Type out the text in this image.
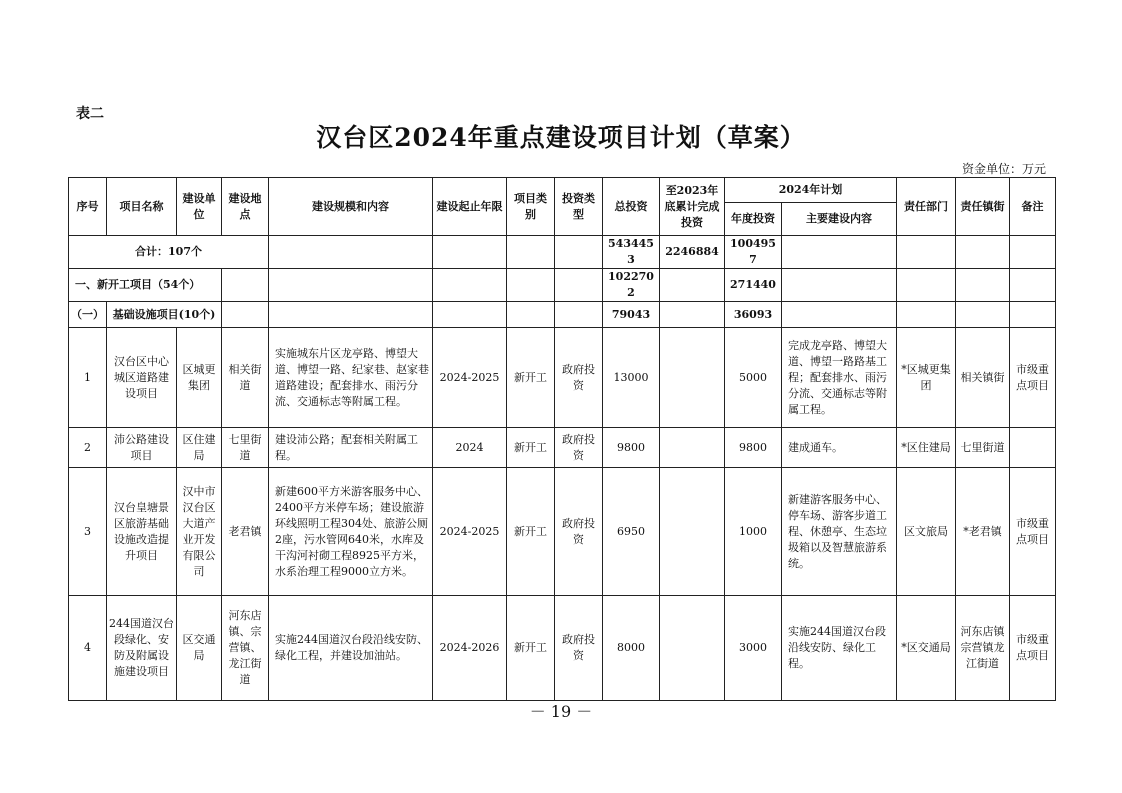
表二
汉台区2024年重点建设项目计划（草案）
资金单位：万元
序号	项目名称	建设单位	建设地点	建设规模和内容	建设起止年限	项目类别	投资类型	总投资	至2023年底累计完成投资	2024年计划		责任部门	责任镇街	备注
										年度投资	主要建设内容			
合计：107个								5434453	2246884	1004957				
一、新开工项目（54个）								1022702		271440				
（一）	基础设施项目(10个)							79043		36093				
1	汉台区中心城区道路建设项目	区城更集团	相关街道	实施城东片区龙亭路、博望大道、博望一路、纪家巷、赵家巷道路建设；配套排水、雨污分流、交通标志等附属工程。	2024-2025	新开工	政府投资	13000		5000	完成龙亭路、博望大道、博望一路路基工程；配套排水、雨污分流、交通标志等附属工程。	*区城更集团	相关镇街	市级重点项目
2	沛公路建设项目	区住建局	七里街道	建设沛公路；配套相关附属工程。	2024	新开工	政府投资	9800		9800	建成通车。	*区住建局	七里街道	
3	汉台皇塘景区旅游基础设施改造提升项目	汉中市汉台区大道产业开发有限公司	老君镇	新建600平方米游客服务中心、2400平方米停车场；建设旅游环线照明工程304处、旅游公厕2座，污水管网640米，水库及干沟河衬砌工程8925平方米，水系治理工程9000立方米。	2024-2025	新开工	政府投资	6950		1000	新建游客服务中心、停车场、游客步道工程、休憩亭、生态垃圾箱以及智慧旅游系统。	区文旅局	*老君镇	市级重点项目
4	244国道汉台段绿化、安防及附属设施建设项目	区交通局	河东店镇、宗营镇、龙江街道	实施244国道汉台段沿线安防、绿化工程，并建设加油站。	2024-2026	新开工	政府投资	8000		3000	实施244国道汉台段沿线安防、绿化工程。	*区交通局	河东店镇宗营镇龙江街道	市级重点项目
－ 19 －
